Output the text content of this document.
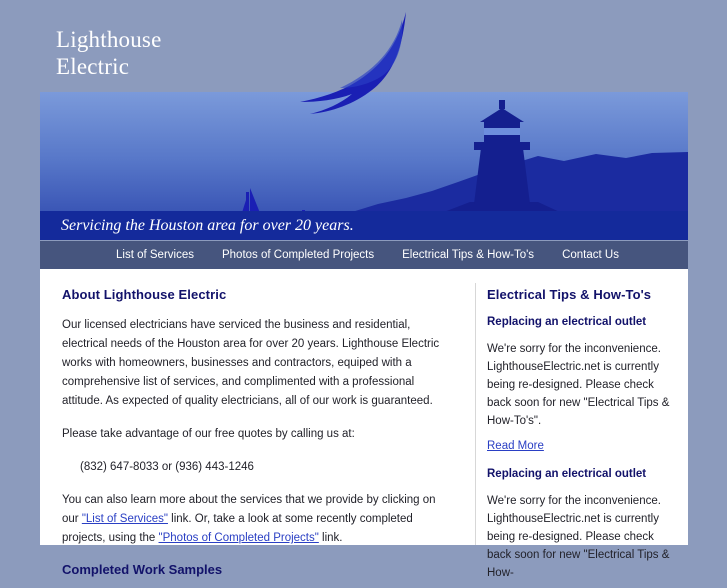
Lighthouse
Electric
Servicing the Houston area for over 20 years.
List of Services	Photos of Completed Projects	Electrical Tips & How-To's	Contact Us
About Lighthouse Electric

Our licensed electricians have serviced the business and residential, electrical needs of the Houston area for over 20 years. Lighthouse Electric works with homeowners, businesses and contractors, equiped with a comprehensive list of services, and complimented with a professional attitude. As expected of quality electricians, all of our work is guaranteed.

Please take advantage of our free quotes by calling us at:

(832) 647-8033 or (936) 443-1246

You can also learn more about the services that we provide by clicking on our "List of Services" link. Or, take a look at some recently completed projects, using the "Photos of Completed Projects" link.

Completed Work Samples
Electrical Tips & How-To's
Replacing an electrical outlet

We're sorry for the inconvenience. LighthouseElectric.net is currently being re-designed. Please check back soon for new "Electrical Tips & How-To's".

Read More
Replacing an electrical outlet

We're sorry for the inconvenience. LighthouseElectric.net is currently being re-designed. Please check back soon for new "Electrical Tips & How-
